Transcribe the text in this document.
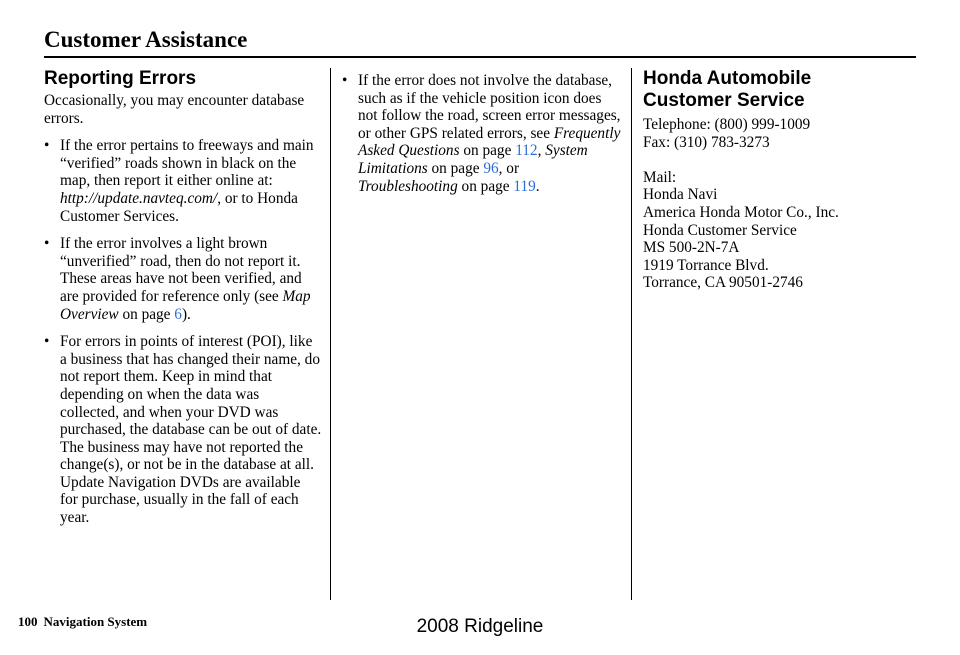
Customer Assistance
Reporting Errors

Occasionally, you may encounter database errors.

• If the error pertains to freeways and main “verified” roads shown in black on the map, then report it either online at:
http://update.navteq.com/, or to Honda Customer Services.
• If the error involves a light brown “unverified” road, then do not report it. These areas have not been verified, and are provided for reference only (see Map Overview on page 6).
• For errors in points of interest (POI), like a business that has changed their name, do not report them. Keep in mind that depending on when the data was collected, and when your DVD was purchased, the database can be out of date. The business may have not reported the change(s), or not be in the database at all. Update Navigation DVDs are available for purchase, usually in the fall of each year.
• If the error does not involve the database, such as if the vehicle position icon does not follow the road, screen error messages, or other GPS related errors, see Frequently Asked Questions on page 112, System Limitations on page 96, or Troubleshooting on page 119.
Honda Automobile
Customer Service
Telephone: (800) 999-1009
Fax: (310) 783-3273
Mail:
Honda Navi
America Honda Motor Co., Inc.
Honda Customer Service
MS 500-2N-7A
1919 Torrance Blvd.
Torrance, CA 90501-2746
100 Navigation System	2008 Ridgeline
